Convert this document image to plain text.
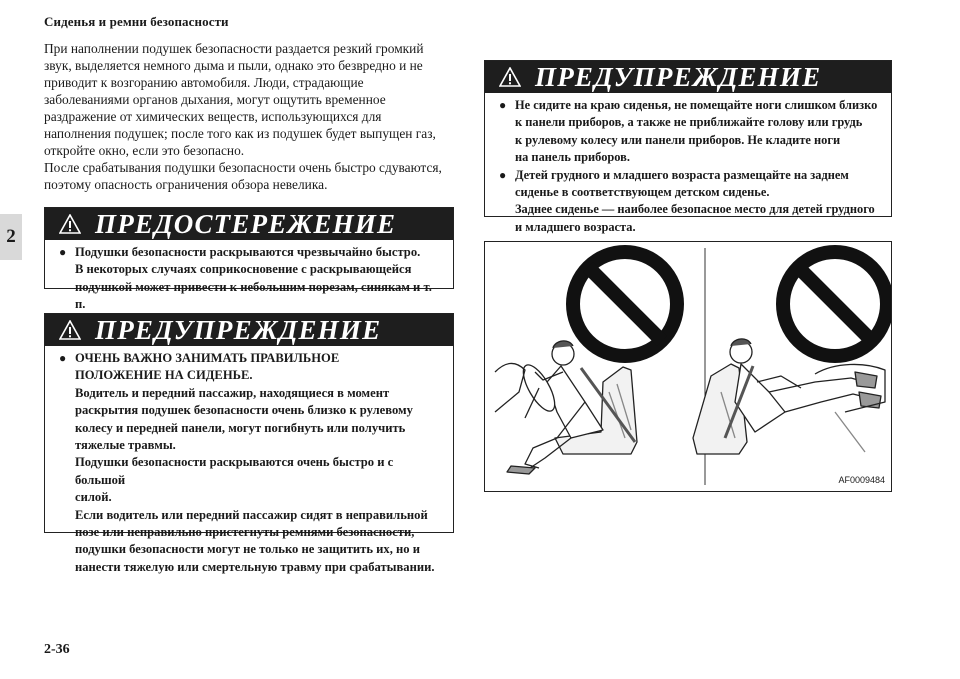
Сиденья и ремни безопасности
2

При наполнении подушек безопасности раздается резкий громкий
звук, выделяется немного дыма и пыли, однако это безвредно и не
приводит к возгоранию автомобиля. Люди, страдающие
заболеваниями органов дыхания, могут ощутить временное
раздражение от химических веществ, использующихся для
наполнения подушек; после того как из подушек будет выпущен газ,
откройте окно, если это безопасно.
После срабатывания подушки безопасности очень быстро сдуваются,
поэтому опасность ограничения обзора невелика.

ПРЕДОСТЕРЕЖЕНИЕ
● Подушки безопасности раскрываются чрезвычайно быстро.
В некоторых случаях соприкосновение с раскрывающейся
подушкой может привести к небольшим порезам, синякам и т. п.
ПРЕДУПРЕЖДЕНИЕ
● ОЧЕНЬ ВАЖНО ЗАНИМАТЬ ПРАВИЛЬНОЕ
ПОЛОЖЕНИЕ НА СИДЕНЬЕ.
Водитель и передний пассажир, находящиеся в момент
раскрытия подушек безопасности очень близко к рулевому
колесу и передней панели, могут погибнуть или получить
тяжелые травмы.
Подушки безопасности раскрываются очень быстро и с большой
силой.
Если водитель или передний пассажир сидят в неправильной
позе или неправильно пристегнуты ремнями безопасности,
подушки безопасности могут не только не защитить их, но и
нанести тяжелую или смертельную травму при срабатывании.
ПРЕДУПРЕЖДЕНИЕ
● Не сидите на краю сиденья, не помещайте ноги слишком близко
к панели приборов, а также не приближайте голову или грудь
к рулевому колесу или панели приборов. Не кладите ноги
на панель приборов.
● Детей грудного и младшего возраста размещайте на заднем
сиденье в соответствующем детском сиденье.
Заднее сиденье — наиболее безопасное место для детей грудного
и младшего возраста.
AF0009484
2-36
